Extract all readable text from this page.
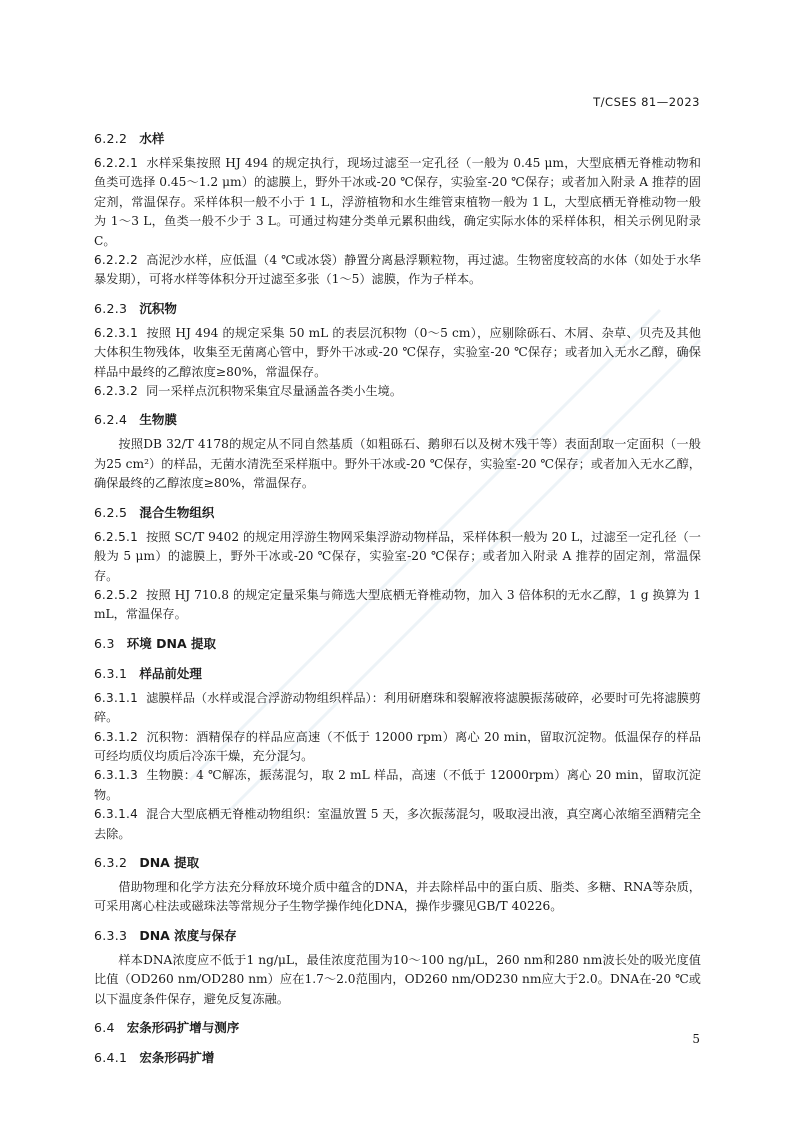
T/CSES 81—2023
6.2.2 水样
6.2.2.1 水样采集按照 HJ 494 的规定执行，现场过滤至一定孔径（一般为 0.45 μm，大型底栖无脊椎动物和鱼类可选择 0.45～1.2 μm）的滤膜上，野外干冰或-20 ℃保存，实验室-20 ℃保存；或者加入附录 A 推荐的固定剂，常温保存。采样体积一般不小于 1 L，浮游植物和水生维管束植物一般为 1 L，大型底栖无脊椎动物一般为 1～3 L，鱼类一般不少于 3 L。可通过构建分类单元累积曲线，确定实际水体的采样体积，相关示例见附录 C。
6.2.2.2 高泥沙水样，应低温（4 ℃或冰袋）静置分离悬浮颗粒物，再过滤。生物密度较高的水体（如处于水华暴发期），可将水样等体积分开过滤至多张（1～5）滤膜，作为子样本。
6.2.3 沉积物
6.2.3.1 按照 HJ 494 的规定采集 50 mL 的表层沉积物（0～5 cm），应剔除砾石、木屑、杂草、贝壳及其他大体积生物残体，收集至无菌离心管中，野外干冰或-20 ℃保存，实验室-20 ℃保存；或者加入无水乙醇，确保样品中最终的乙醇浓度≥80%，常温保存。
6.2.3.2 同一采样点沉积物采集宜尽量涵盖各类小生境。
6.2.4 生物膜
按照DB 32/T 4178的规定从不同自然基质（如粗砾石、鹅卵石以及树木残干等）表面刮取一定面积（一般为25 cm²）的样品，无菌水清洗至采样瓶中。野外干冰或-20 ℃保存，实验室-20 ℃保存；或者加入无水乙醇，确保最终的乙醇浓度≥80%，常温保存。
6.2.5 混合生物组织
6.2.5.1 按照 SC/T 9402 的规定用浮游生物网采集浮游动物样品，采样体积一般为 20 L，过滤至一定孔径（一般为 5 μm）的滤膜上，野外干冰或-20 ℃保存，实验室-20 ℃保存；或者加入附录 A 推荐的固定剂，常温保存。
6.2.5.2 按照 HJ 710.8 的规定定量采集与筛选大型底栖无脊椎动物，加入 3 倍体积的无水乙醇，1 g 换算为 1 mL，常温保存。
6.3 环境 DNA 提取
6.3.1 样品前处理
6.3.1.1 滤膜样品（水样或混合浮游动物组织样品）：利用研磨珠和裂解液将滤膜振荡破碎，必要时可先将滤膜剪碎。
6.3.1.2 沉积物：酒精保存的样品应高速（不低于 12000 rpm）离心 20 min，留取沉淀物。低温保存的样品可经均质仪均质后冷冻干燥，充分混匀。
6.3.1.3 生物膜：4 ℃解冻，振荡混匀，取 2 mL 样品，高速（不低于 12000rpm）离心 20 min，留取沉淀物。
6.3.1.4 混合大型底栖无脊椎动物组织：室温放置 5 天，多次振荡混匀，吸取浸出液，真空离心浓缩至酒精完全去除。
6.3.2 DNA 提取
借助物理和化学方法充分释放环境介质中蕴含的DNA，并去除样品中的蛋白质、脂类、多糖、RNA等杂质，可采用离心柱法或磁珠法等常规分子生物学操作纯化DNA，操作步骤见GB/T 40226。
6.3.3 DNA 浓度与保存
样本DNA浓度应不低于1 ng/μL，最佳浓度范围为10～100 ng/μL，260 nm和280 nm波长处的吸光度值比值（OD260 nm/OD280 nm）应在1.7～2.0范围内，OD260 nm/OD230 nm应大于2.0。DNA在-20 ℃或以下温度条件保存，避免反复冻融。
6.4 宏条形码扩增与测序
6.4.1 宏条形码扩增
5
